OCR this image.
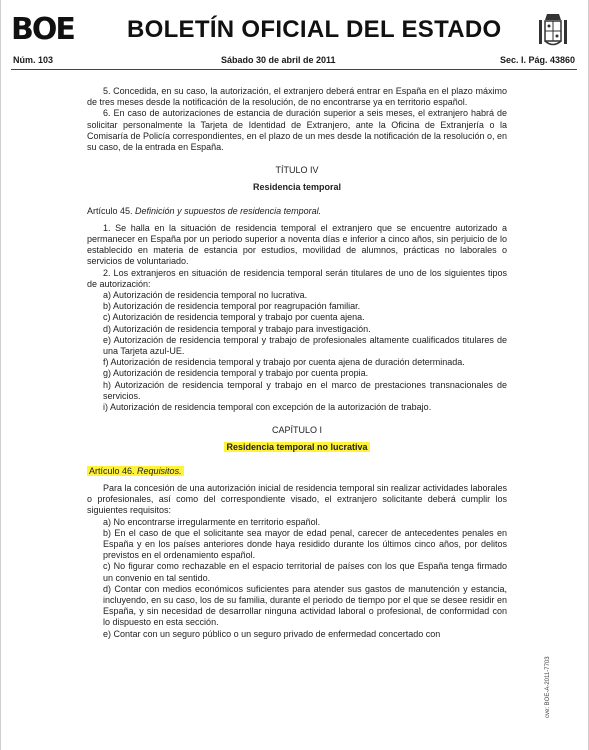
BOE BOLETÍN OFICIAL DEL ESTADO
Núm. 103	Sábado 30 de abril de 2011	Sec. I. Pág. 43860

5. Concedida, en su caso, la autorización, el extranjero deberá entrar en España en el plazo máximo de tres meses desde la notificación de la resolución, de no encontrarse ya en territorio español.

6. En caso de autorizaciones de estancia de duración superior a seis meses, el extranjero habrá de solicitar personalmente la Tarjeta de Identidad de Extranjero, ante la Oficina de Extranjería o la Comisaría de Policía correspondientes, en el plazo de un mes desde la notificación de la resolución o, en su caso, de la entrada en España.

TÍTULO IV

Residencia temporal

Artículo 45. Definición y supuestos de residencia temporal.

1. Se halla en la situación de residencia temporal el extranjero que se encuentre autorizado a permanecer en España por un periodo superior a noventa días e inferior a cinco años, sin perjuicio de lo establecido en materia de estancia por estudios, movilidad de alumnos, prácticas no laborales o servicios de voluntariado.

2. Los extranjeros en situación de residencia temporal serán titulares de uno de los siguientes tipos de autorización:

a) Autorización de residencia temporal no lucrativa.

b) Autorización de residencia temporal por reagrupación familiar.

c) Autorización de residencia temporal y trabajo por cuenta ajena.

d) Autorización de residencia temporal y trabajo para investigación.

e) Autorización de residencia temporal y trabajo de profesionales altamente cualificados titulares de una Tarjeta azul-UE.

f) Autorización de residencia temporal y trabajo por cuenta ajena de duración determinada.

g) Autorización de residencia temporal y trabajo por cuenta propia.

h) Autorización de residencia temporal y trabajo en el marco de prestaciones transnacionales de servicios.

i) Autorización de residencia temporal con excepción de la autorización de trabajo.

CAPÍTULO I

Residencia temporal no lucrativa

Artículo 46. Requisitos.

Para la concesión de una autorización inicial de residencia temporal sin realizar actividades laborales o profesionales, así como del correspondiente visado, el extranjero solicitante deberá cumplir los siguientes requisitos:

a) No encontrarse irregularmente en territorio español.

b) En el caso de que el solicitante sea mayor de edad penal, carecer de antecedentes penales en España y en los países anteriores donde haya residido durante los últimos cinco años, por delitos previstos en el ordenamiento español.

c) No figurar como rechazable en el espacio territorial de países con los que España tenga firmado un convenio en tal sentido.

d) Contar con medios económicos suficientes para atender sus gastos de manutención y estancia, incluyendo, en su caso, los de su familia, durante el periodo de tiempo por el que se desee residir en España, y sin necesidad de desarrollar ninguna actividad laboral o profesional, de conformidad con lo dispuesto en esta sección.

e) Contar con un seguro público o un seguro privado de enfermedad concertado con

cve: BOE-A-2011-7703
